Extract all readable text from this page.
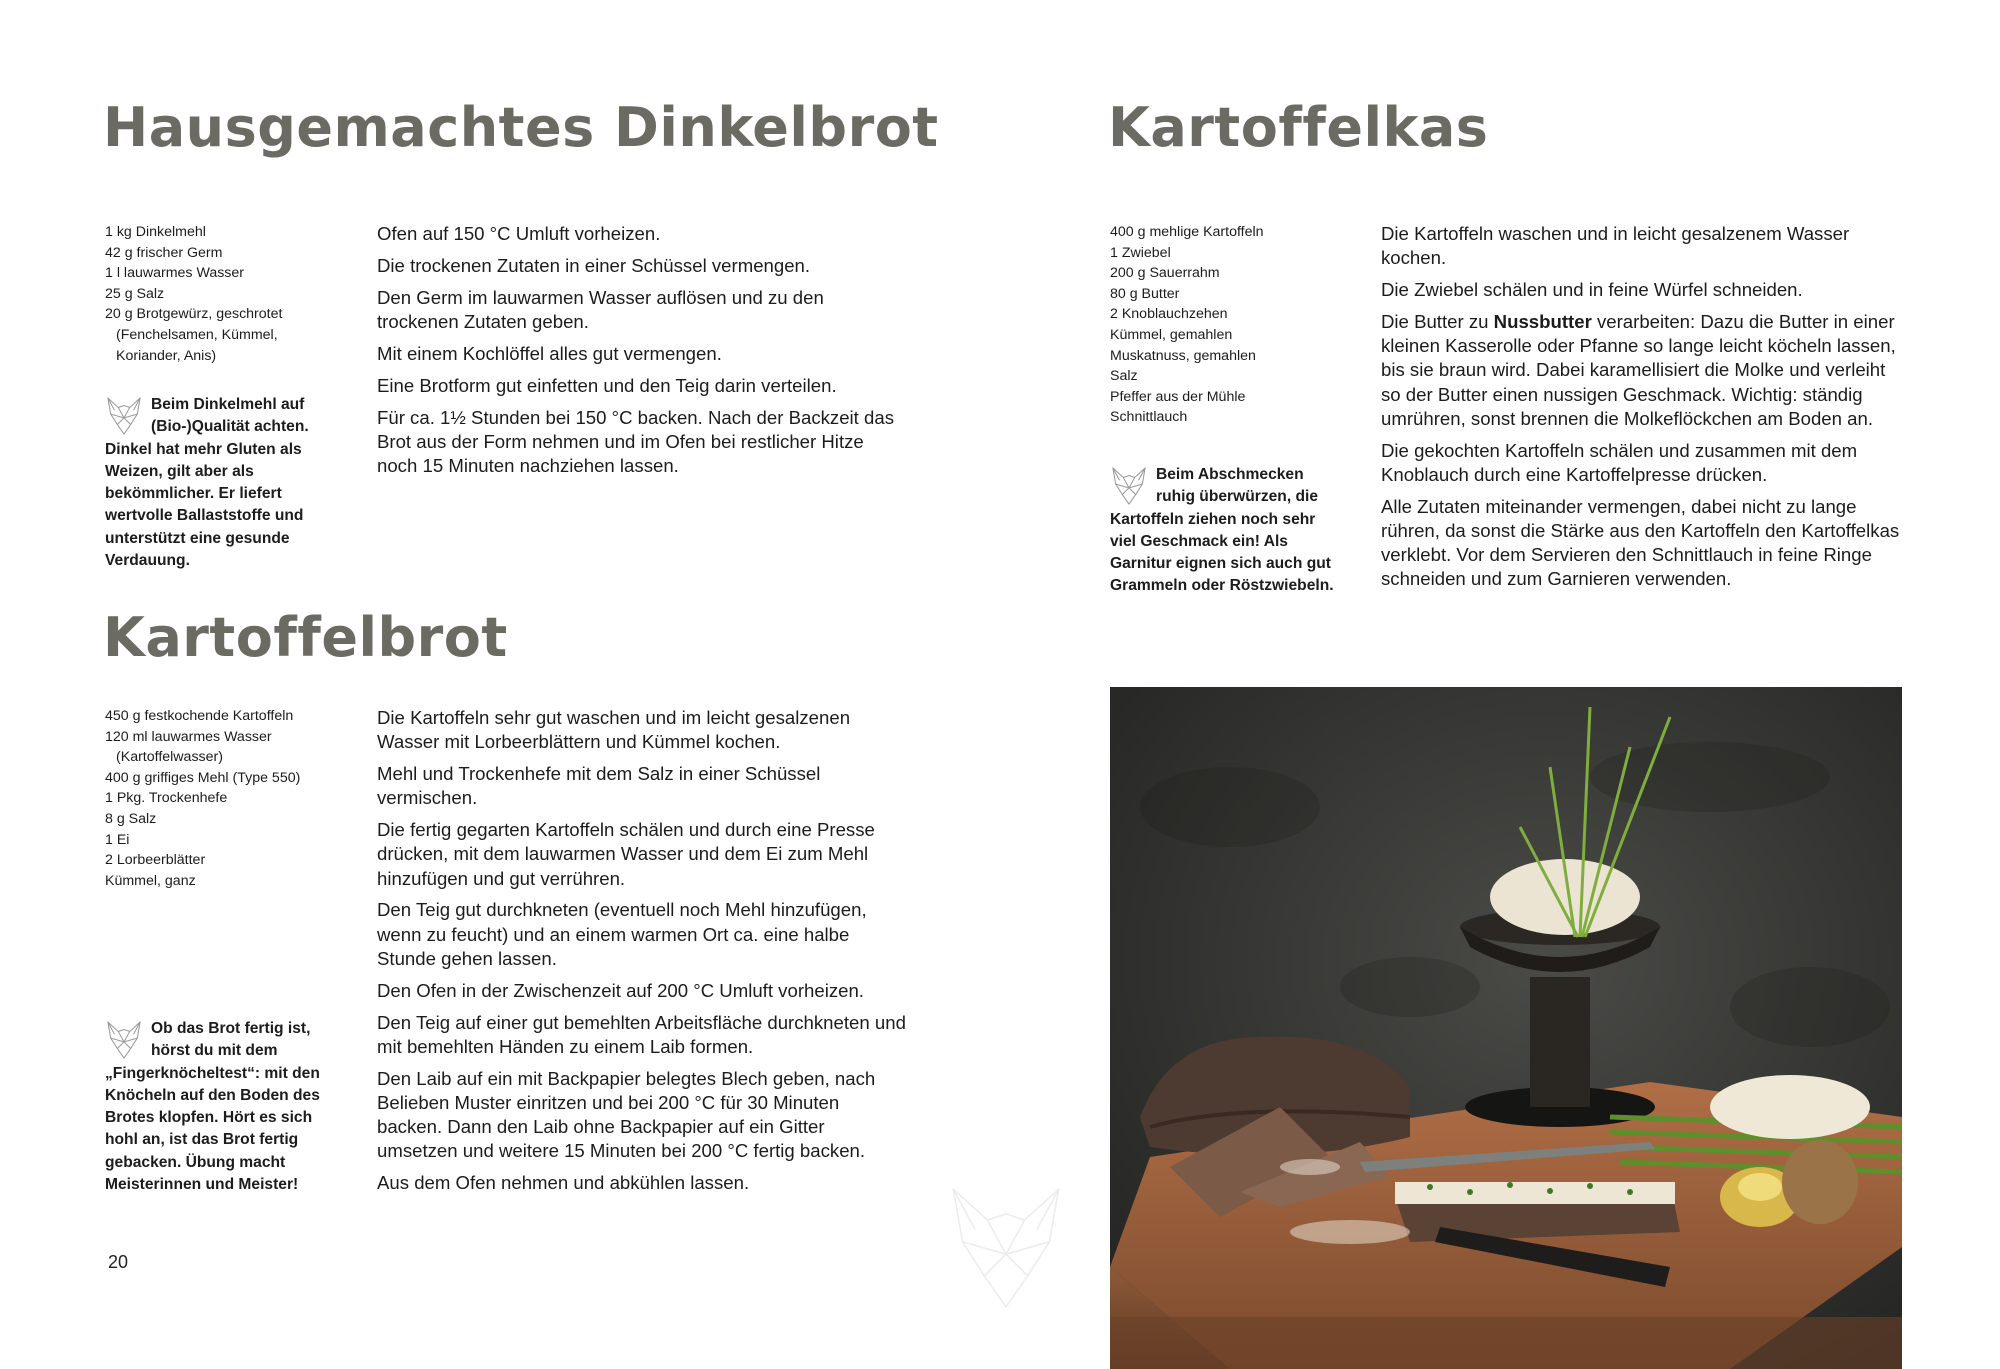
Hausgemachtes Dinkelbrot
1 kg Dinkelmehl
42 g frischer Germ
1 l lauwarmes Wasser
25 g Salz
20 g Brotgewürz, geschrotet (Fenchelsamen, Kümmel, Koriander, Anis)
Beim Dinkelmehl auf (Bio-)Qualität achten. Dinkel hat mehr Gluten als Weizen, gilt aber als bekömmlicher. Er liefert wertvolle Ballaststoffe und unterstützt eine gesunde Verdauung.

Ofen auf 150 °C Umluft vorheizen.

Die trockenen Zutaten in einer Schüssel vermengen.

Den Germ im lauwarmen Wasser auflösen und zu den trockenen Zutaten geben.

Mit einem Kochlöffel alles gut vermengen.

Eine Brotform gut einfetten und den Teig darin verteilen.

Für ca. 1½ Stunden bei 150 °C backen. Nach der Backzeit das Brot aus der Form nehmen und im Ofen bei restlicher Hitze noch 15 Minuten nachziehen lassen.

Kartoffelbrot
450 g festkochende Kartoffeln
120 ml lauwarmes Wasser (Kartoffelwasser)
400 g griffiges Mehl (Type 550)
1 Pkg. Trockenhefe
8 g Salz
1 Ei
2 Lorbeerblätter
Kümmel, ganz
Ob das Brot fertig ist, hörst du mit dem „Fingerknöcheltest“: mit den Knöcheln auf den Boden des Brotes klopfen. Hört es sich hohl an, ist das Brot fertig gebacken. Übung macht Meisterinnen und Meister!

Die Kartoffeln sehr gut waschen und im leicht gesalzenen Wasser mit Lorbeerblättern und Kümmel kochen.

Mehl und Trockenhefe mit dem Salz in einer Schüssel vermischen.

Die fertig gegarten Kartoffeln schälen und durch eine Presse drücken, mit dem lauwarmen Wasser und dem Ei zum Mehl hinzufügen und gut verrühren.

Den Teig gut durchkneten (eventuell noch Mehl hinzufügen, wenn zu feucht) und an einem warmen Ort ca. eine halbe Stunde gehen lassen.

Den Ofen in der Zwischenzeit auf 200 °C Umluft vorheizen.

Den Teig auf einer gut bemehlten Arbeitsfläche durchkneten und mit bemehlten Händen zu einem Laib formen.

Den Laib auf ein mit Backpapier belegtes Blech geben, nach Belieben Muster einritzen und bei 200 °C für 30 Minuten backen. Dann den Laib ohne Backpapier auf ein Gitter umsetzen und weitere 15 Minuten bei 200 °C fertig backen.

Aus dem Ofen nehmen und abkühlen lassen.

20
Kartoffelkas
400 g mehlige Kartoffeln
1 Zwiebel
200 g Sauerrahm
80 g Butter
2 Knoblauchzehen
Kümmel, gemahlen
Muskatnuss, gemahlen
Salz
Pfeffer aus der Mühle
Schnittlauch
Beim Abschmecken ruhig überwürzen, die Kartoffeln ziehen noch sehr viel Geschmack ein! Als Garnitur eignen sich auch gut Grammeln oder Röstzwiebeln.

Die Kartoffeln waschen und in leicht gesalzenem Wasser kochen.

Die Zwiebel schälen und in feine Würfel schneiden.

Die Butter zu Nussbutter verarbeiten: Dazu die Butter in einer kleinen Kasserolle oder Pfanne so lange leicht köcheln lassen, bis sie braun wird. Dabei karamellisiert die Molke und verleiht so der Butter einen nussigen Geschmack. Wichtig: ständig umrühren, sonst brennen die Molkeflöckchen am Boden an.

Die gekochten Kartoffeln schälen und zusammen mit dem Knoblauch durch eine Kartoffelpresse drücken.

Alle Zutaten miteinander vermengen, dabei nicht zu lange rühren, da sonst die Stärke aus den Kartoffeln den Kartoffelkas verklebt. Vor dem Servieren den Schnittlauch in feine Ringe schneiden und zum Garnieren verwenden.
